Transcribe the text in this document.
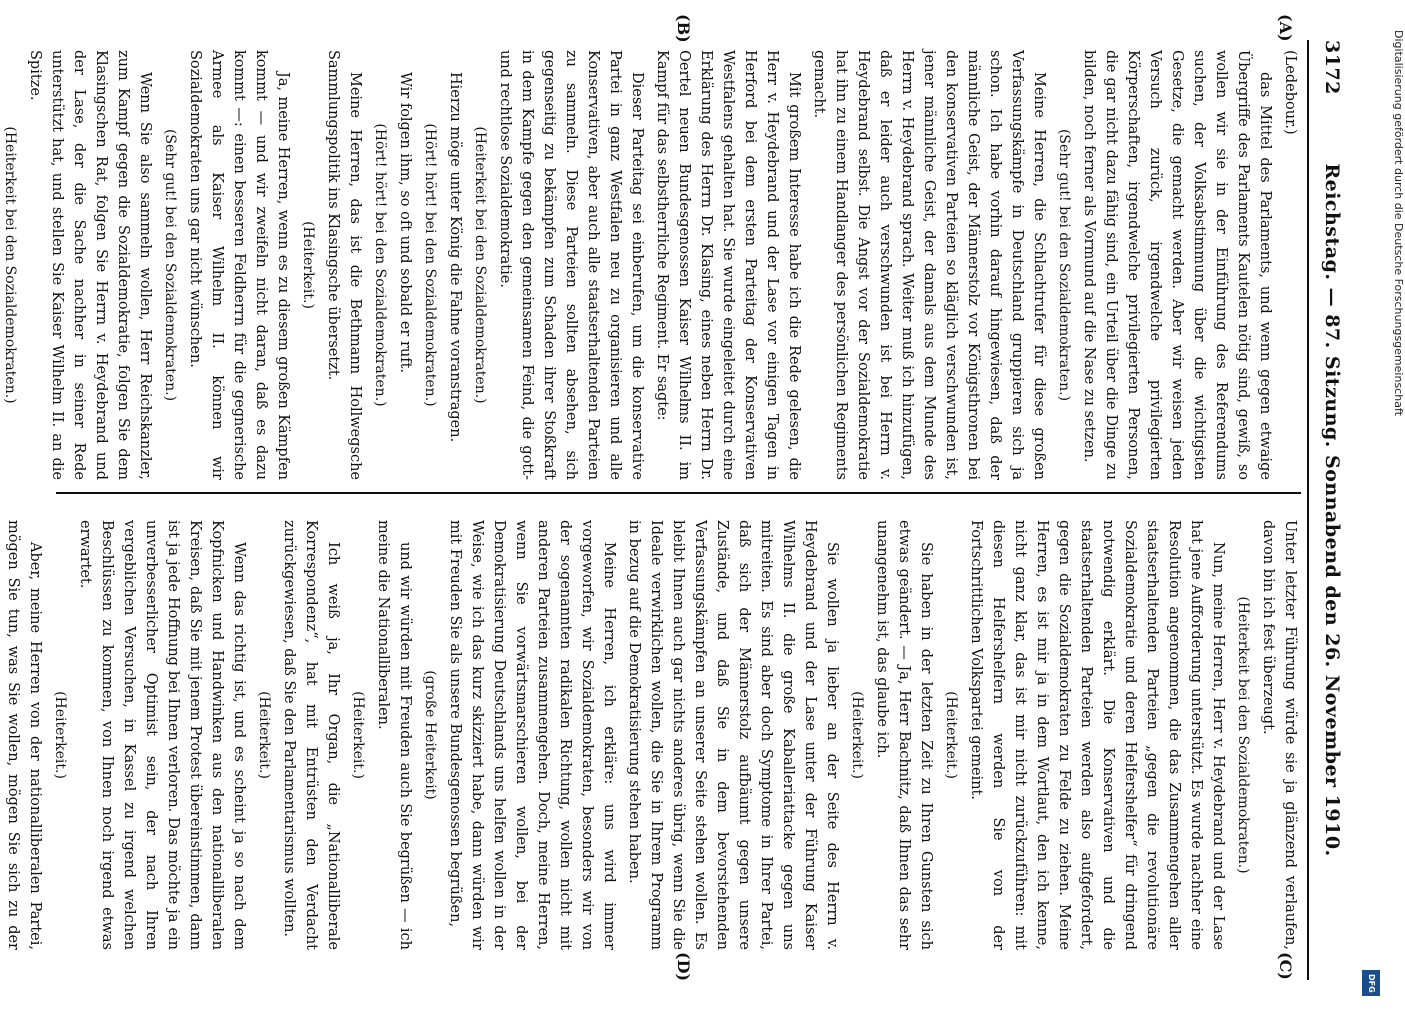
3172
Reichstag. — 87. Sitzung. Sonnabend den 26. November 1910.
(A)
(B)
(C)
(D)

(Ledebour.)

das Mittel des Parlaments, und wenn gegen etwaige Übergriffe des Parlaments Kautelen nötig sind, gewiß, so wollen wir sie in der Einführung des Referendums suchen, der Volksabstimmung über die wichtigsten Gesetze, die gemacht werden. Aber wir weisen jeden Versuch zurück, irgendwelche privilegierten Körperschaften, irgendwelche privilegierten Personen, die gar nicht dazu fähig sind, ein Urteil über die Dinge zu bilden, noch ferner als Vormund auf die Nase zu setzen.

(Sehr gut! bei den Sozialdemokraten.)

Meine Herren, die Schlachtrufer für diese großen Verfassungskämpfe in Deutschland gruppieren sich ja schon. Ich habe vorhin darauf hingewiesen, daß der männliche Geist, der Männerstolz vor Königsthronen bei den konservativen Parteien so kläglich verschwunden ist, jener männliche Geist, der damals aus dem Munde des Herrn v. Heydebrand sprach. Weiter muß ich hinzufügen, daß er leider auch verschwunden ist bei Herrn v. Heydebrand selbst. Die Angst vor der Sozialdemokratie hat ihn zu einem Handlanger des persönlichen Regiments gemacht.

Mit großem Interesse habe ich die Rede gelesen, die Herr v. Heydebrand und der Lase vor einigen Tagen in Herford bei dem ersten Parteitag der Konservativen Westfalens gehalten hat. Sie wurde eingeleitet durch eine Erklärung des Herrn Dr. Klasing, eines neben Herrn Dr. Oertel neuen Bundesgenossen Kaiser Wilhelms II. im Kampf für das selbstherrliche Regiment. Er sagte:

Dieser Parteitag sei einberufen, um die konservative Partei in ganz Westfalen neu zu organisieren und alle Konservativen, aber auch alle staatserhaltenden Parteien zu sammeln. Diese Parteien sollten absehen, sich gegenseitig zu bekämpfen zum Schaden ihrer Stoßkraft in dem Kampfe gegen den gemeinsamen Feind, die gott- und rechtlose Sozialdemokratie.

(Heiterkeit bei den Sozialdemokraten.)

Hierzu möge unter König die Fahne voranstragen.

(Hört! hört! bei den Sozialdemokraten.)

Wir folgen ihm, so oft und sobald er ruft.

(Hört! hört! bei den Sozialdemokraten.)

Meine Herren, das ist die Bethmann Hollwegsche Sammlungspolitik ins Klasingsche übersetzt.

(Heiterkeit.)

Ja, meine Herren, wenn es zu diesem großen Kämpfen kommt — und wir zweifeln nicht daran, daß es dazu kommt —: einen besseren Feldherrn für die gegnerische Armee als Kaiser Wilhelm II. können wir Sozialdemokraten uns gar nicht wünschen.

(Sehr gut! bei den Sozialdemokraten.)

Wenn Sie also sammeln wollen, Herr Reichskanzler, zum Kampf gegen die Sozialdemokratie, folgen Sie dem Klasingschen Rat, folgen Sie Herrn v. Heydebrand und der Lase, der die Sache nachher in seiner Rede unterstützt hat, und stellen Sie Kaiser Wilhelm II. an die Spitze.

(Heiterkeit bei den Sozialdemokraten.)

Unter letzter Führung würde sie ja glänzend verlaufen, davon bin ich fest überzeugt.

(Heiterkeit bei den Sozialdemokraten.)

Nun, meine Herren, Herr v. Heydebrand und der Lase hat jene Aufforderung unterstützt. Es wurde nachher eine Resolution angenommen, die das Zusammengehen aller staatserhaltenden Parteien „gegen die revolutionäre Sozialdemokratie und deren Helfershelfer“ für dringend notwendig erklärt. Die Konservativen und die staatserhaltenden Parteien werden also aufgefordert, gegen die Sozialdemokraten zu Felde zu ziehen. Meine Herren, es ist mir ja in dem Wortlaut, den ich kenne, nicht ganz klar, das ist mir nicht zurückzuführen: mit diesen Helfershelfern werden Sie von der Fortschrittlichen Volkspartei gemeint.

(Heiterkeit.)

Sie haben in der letzten Zeit zu Ihren Gunsten sich etwas geändert. — Ja, Herr Bachnitz, daß Ihnen das sehr unangenehm ist, das glaube ich.

(Heiterkeit.)

Sie wollen ja lieber an der Seite des Herrn v. Heydebrand und der Lase unter der Führung Kaiser Wilhelms II. die große Kaballeriattacke gegen uns mitreiten. Es sind aber doch Symptome in Ihrer Partei, daß sich der Männerstolz aufbäumt gegen unsere Zustände, und daß Sie in dem bevorstehenden Verfassungskämpfen an unserer Seite stehen wollen. Es bleibt Ihnen auch gar nichts anderes übrig, wenn Sie die Ideale verwirklichen wollen, die Sie in Ihrem Programm in bezug auf die Demokratisierung stehen haben.

Meine Herren, ich erkläre: uns wird immer vorgeworfen, wir Sozialdemokraten, besonders wir von der sogenannten radikalen Richtung, wollen nicht mit anderen Parteien zusammengehen. Doch, meine Herren, wenn Sie vorwärtsmarschieren wollen, bei der Demokratisierung Deutschlands uns helfen wollen in der Weise, wie ich das kurz skizziert habe, dann würden wir mit Freuden Sie als unsere Bundesgenossen begrüßen,

(große Heiterkeit)

und wir würden mit Freuden auch Sie begrüßen — ich meine die Nationalliberalen.

(Heiterkeit.)

Ich weiß ja, Ihr Organ, die „Nationalliberale Korrespondenz“, hat mit Entrüsten den Verdacht zurückgewiesen, daß Sie den Parlamentarismus wollten.

(Heiterkeit.)

Wenn das richtig ist, und es scheint ja so nach dem Kopfnicken und Handwinken aus den nationalliberalen Kreisen, daß Sie mit jenem Protest übereinstimmen, dann ist ja jede Hoffnung bei Ihnen verloren. Das möchte ja ein unverbesserlicher Optimist sein, der nach Ihren vergeblichen Versuchen, in Kassel zu irgend welchen Beschlüssen zu kommen, von Ihnen noch irgend etwas erwartet.

(Heiterkeit.)

Aber, meine Herren von der nationalliberalen Partei, mögen Sie tun, was Sie wollen, mögen Sie sich zu der

Digitalisierung gefördert durch die Deutsche Forschungsgemeinschaft
DFG
